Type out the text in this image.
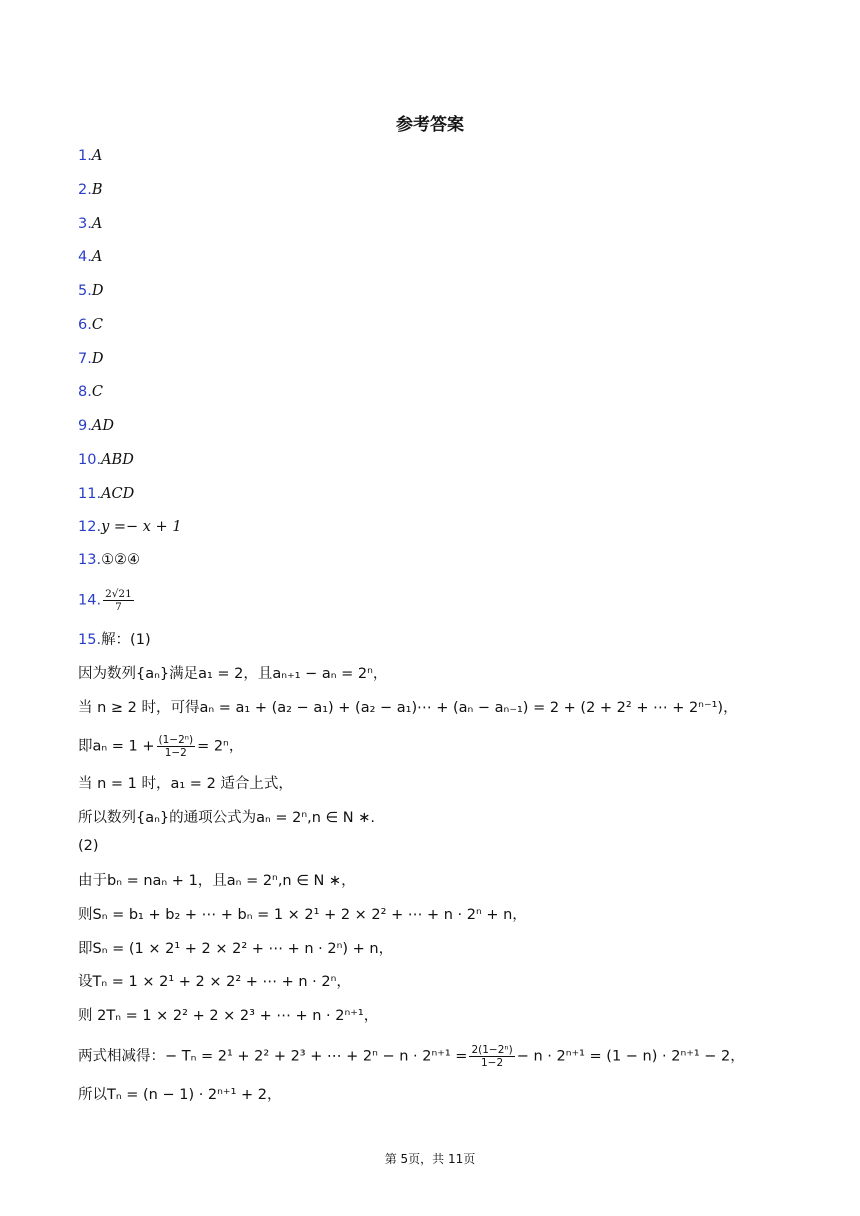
参考答案
1.A
2.B
3.A
4.A
5.D
6.C
7.D
8.C
9.AD
10.ABD
11.ACD
12.y =− x + 1
13.①②④
14. $\frac{2√21}{7}$
15.解：(1)
因为数列{aₙ}满足a₁ = 2，且aₙ₊₁ − aₙ = 2ⁿ，
当 n ≥ 2 时，可得aₙ = a₁ + (a₂ − a₁) + (a₂ − a₁)⋯ + (aₙ − aₙ₋₁) = 2 + (2 + 2² + ⋯ + 2ⁿ⁻¹)，
即$a_n = 1 + \frac{\text{(1−2ⁿ)}}{1-2} = 2^n$，
当 n = 1 时，a₁ = 2 适合上式，
所以数列{aₙ}的通项公式为aₙ = 2ⁿ,n ∈ N ∗.
(2)
由于bₙ = naₙ + 1，且aₙ = 2ⁿ,n ∈ N ∗，
则Sₙ = b₁ + b₂ + ⋯ + bₙ = 1 × 2¹ + 2 × 2² + ⋯ + n · 2ⁿ + n，
即Sₙ = (1 × 2¹ + 2 × 2² + ⋯ + n · 2ⁿ) + n，
设Tₙ = 1 × 2¹ + 2 × 2² + ⋯ + n · 2ⁿ，
则 2Tₙ = 1 × 2² + 2 × 2³ + ⋯ + n · 2ⁿ⁺¹，
两式相减得：− Tₙ = 2¹ + 2² + 2³ + ⋯ + $2^n - n \cdot 2^{n+1} = \frac{\text{2(1−2ⁿ)}}{1-2} - n \cdot 2^{n+1} = (1 - n) \cdot 2^{n+1} - 2$，
所以Tₙ = (n − 1) · 2ⁿ⁺¹ + 2，
第 5页，共 11页
